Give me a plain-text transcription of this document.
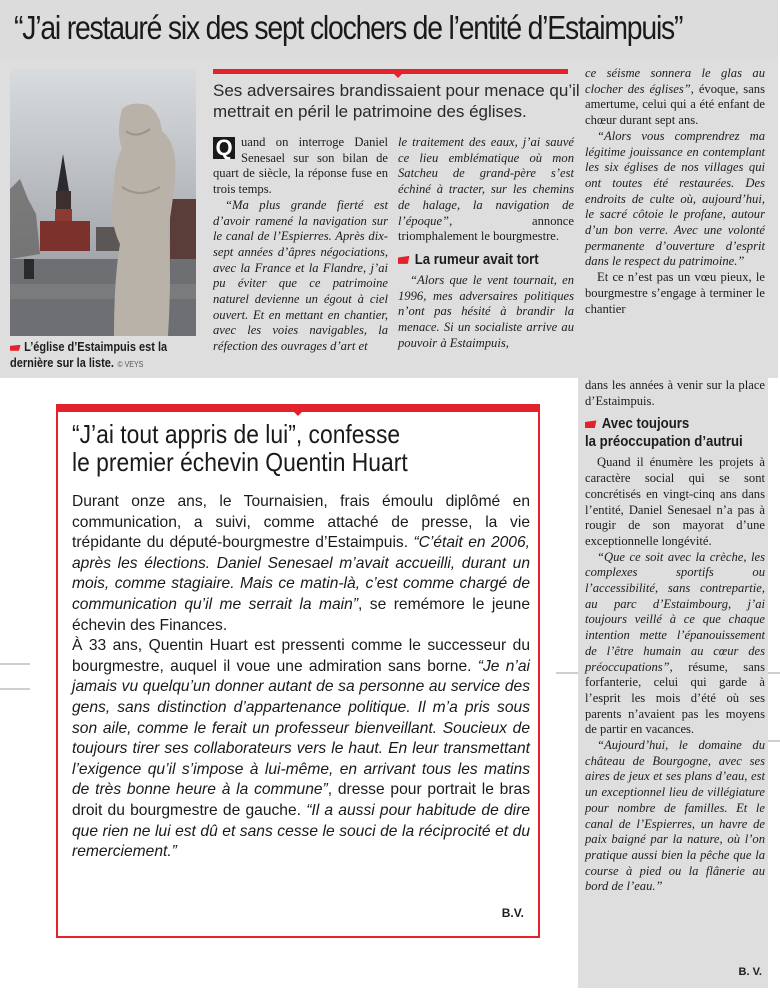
“J’ai restauré six des sept clochers de l’entité d’Estaimpuis”
L’église d’Estaimpuis est la dernière sur la liste. © VEYS
Ses adversaires brandissaient pour menace qu’il mettrait en péril le patrimoine des églises.

Q uand on interroge Daniel Senesael sur son bilan de quart de siècle, la réponse fuse en trois temps.

“Ma plus grande fierté est d’avoir ramené la navigation sur le canal de l’Espierres. Après dix-sept années d’âpres négociations, avec la France et la Flandre, j’ai pu éviter que ce patrimoine naturel devienne un égout à ciel ouvert. Et en mettant en chantier, avec les voies navigables, la réfection des ouvrages d’art et

le traitement des eaux, j’ai sauvé ce lieu emblématique où mon Satcheu de grand-père s’est échiné à tracter, sur les chemins de halage, la navigation de l’époque”, annonce triomphalement le bourgmestre.

La rumeur avait tort

“Alors que le vent tournait, en 1996, mes adversaires politiques n’ont pas hésité à brandir la menace. Si un socialiste arrive au pouvoir à Estaimpuis,

ce séisme sonnera le glas au clocher des églises”, évoque, sans amertume, celui qui a été enfant de chœur durant sept ans.

“Alors vous comprendrez ma légitime jouissance en contemplant les six églises de nos villages qui ont toutes été restaurées. Des endroits de culte où, aujourd’hui, le sacré côtoie le profane, autour d’un bon verre. Avec une volonté permanente d’ouverture d’esprit dans le respect du patrimoine.”

Et ce n’est pas un vœu pieux, le bourgmestre s’engage à terminer le chantier

dans les années à venir sur la place d’Estaimpuis.

Avec toujours
la préoccupation d’autrui

Quand il énumère les projets à caractère social qui se sont concrétisés en vingt-cinq ans dans l’entité, Daniel Senesael n’a pas à rougir de son mayorat d’une exceptionnelle longévité.

“Que ce soit avec la crèche, les complexes sportifs ou l’accessibilité, sans contrepartie, au parc d’Estaimbourg, j’ai toujours veillé à ce que chaque intention mette l’épanouissement de l’être humain au cœur des préoccupations”, résume, sans forfanterie, celui qui garde à l’esprit les mois d’été où ses parents n’avaient pas les moyens de partir en vacances.

“Aujourd’hui, le domaine du château de Bourgogne, avec ses aires de jeux et ses plans d’eau, est un exceptionnel lieu de villégiature pour nombre de familles. Et le canal de l’Espierres, un havre de paix baigné par la nature, où l’on pratique aussi bien la pêche que la course à pied ou la flânerie au bord de l’eau.”

B. V.
“J’ai tout appris de lui”, confesse
le premier échevin Quentin Huart

Durant onze ans, le Tournaisien, frais émoulu diplômé en communication, a suivi, comme attaché de presse, la vie trépidante du député-bourgmestre d’Estaimpuis. “C’était en 2006, après les élections. Daniel Senesael m’avait accueilli, durant un mois, comme stagiaire. Mais ce matin-là, c’est comme chargé de communication qu’il me serrait la main”, se remémore le jeune échevin des Finances.

À 33 ans, Quentin Huart est pressenti comme le successeur du bourgmestre, auquel il voue une admiration sans borne. “Je n’ai jamais vu quelqu’un donner autant de sa personne au service des gens, sans distinction d’appartenance politique. Il m’a pris sous son aile, comme le ferait un professeur bienveillant. Soucieux de toujours tirer ses collaborateurs vers le haut. En leur transmettant l’exigence qu’il s’impose à lui-même, en arrivant tous les matins de très bonne heure à la commune”, dresse pour portrait le bras droit du bourgmestre de gauche. “Il a aussi pour habitude de dire que rien ne lui est dû et sans cesse le souci de la réciprocité et du remerciement.”

B.V.
